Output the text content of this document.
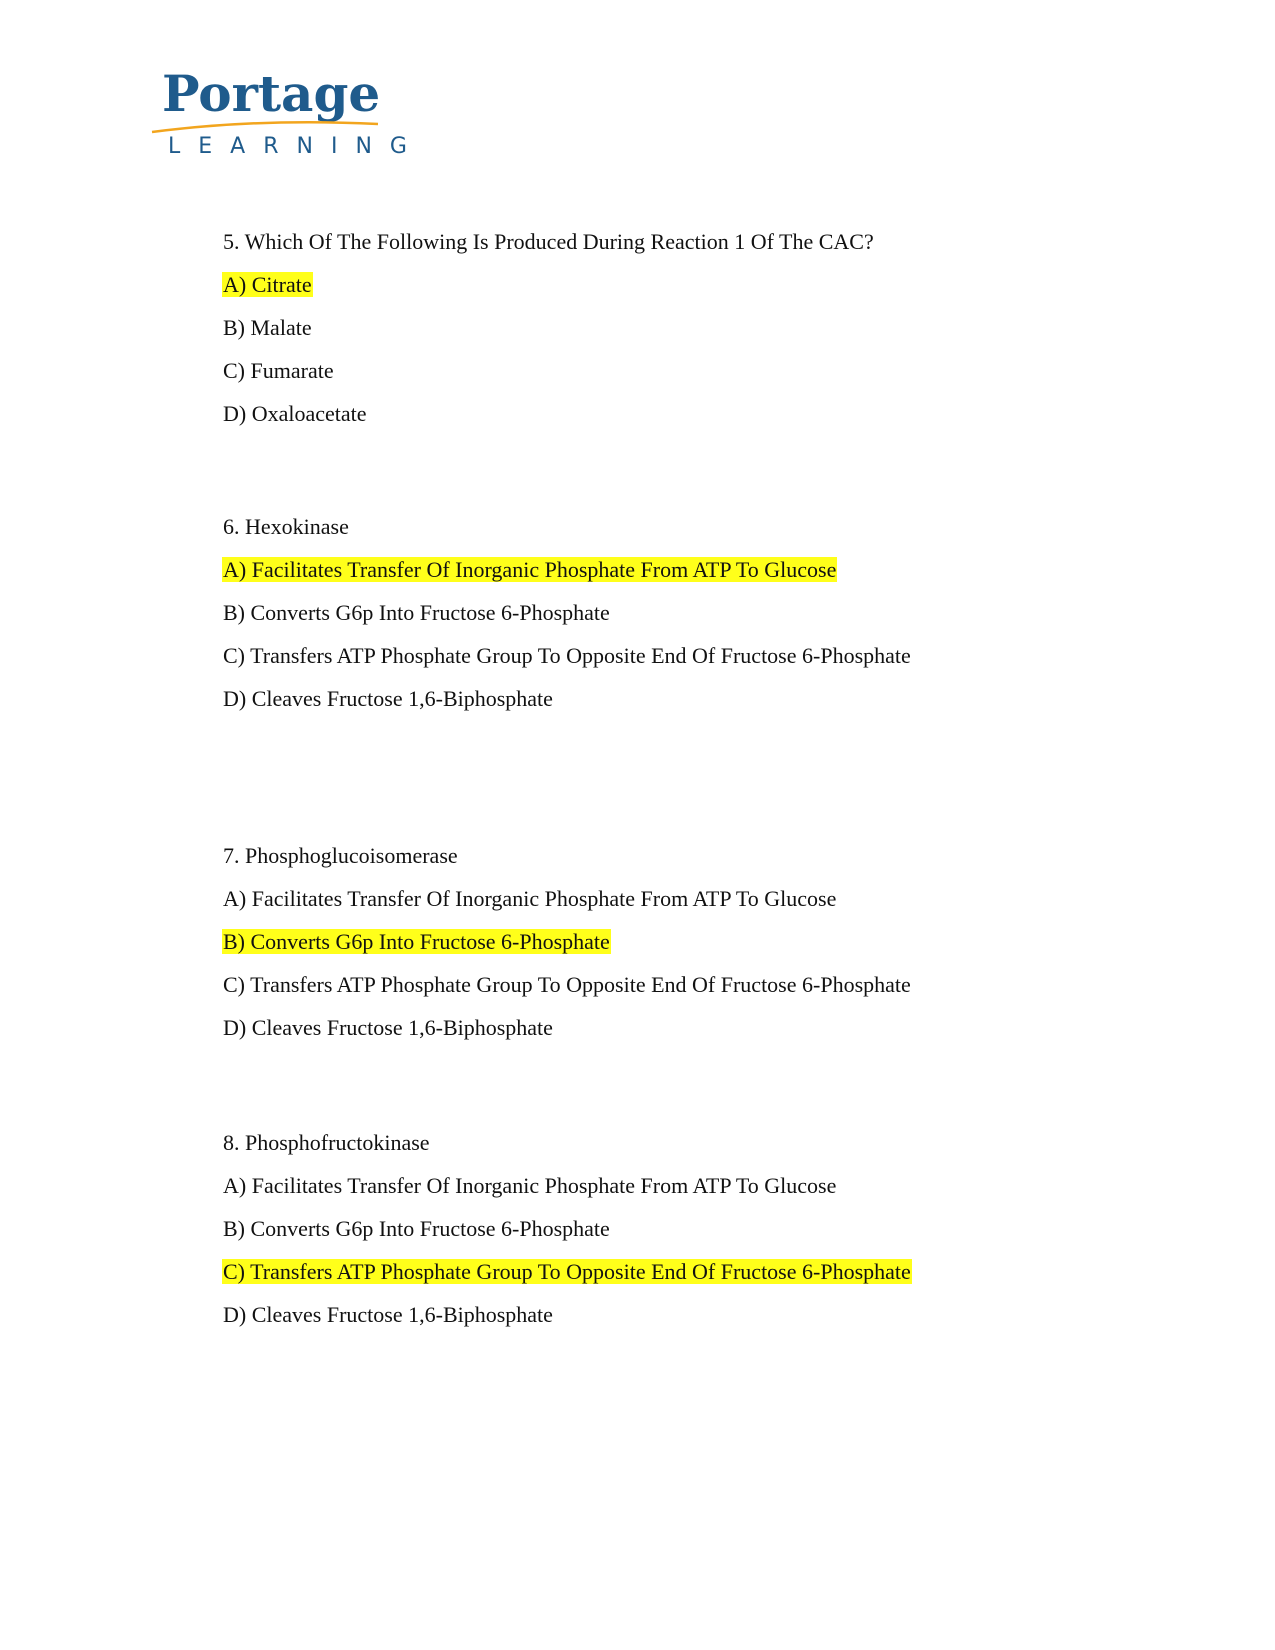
Portage
LEARNING
5. Which Of The Following Is Produced During Reaction 1 Of The CAC?
A) Citrate
B) Malate
C) Fumarate
D) Oxaloacetate
6. Hexokinase
A) Facilitates Transfer Of Inorganic Phosphate From ATP To Glucose
B) Converts G6p Into Fructose 6-Phosphate
C) Transfers ATP Phosphate Group To Opposite End Of Fructose 6-Phosphate
D) Cleaves Fructose 1,6-Biphosphate
7. Phosphoglucoisomerase
A) Facilitates Transfer Of Inorganic Phosphate From ATP To Glucose
B) Converts G6p Into Fructose 6-Phosphate
C) Transfers ATP Phosphate Group To Opposite End Of Fructose 6-Phosphate
D) Cleaves Fructose 1,6-Biphosphate
8. Phosphofructokinase
A) Facilitates Transfer Of Inorganic Phosphate From ATP To Glucose
B) Converts G6p Into Fructose 6-Phosphate
C) Transfers ATP Phosphate Group To Opposite End Of Fructose 6-Phosphate
D) Cleaves Fructose 1,6-Biphosphate
